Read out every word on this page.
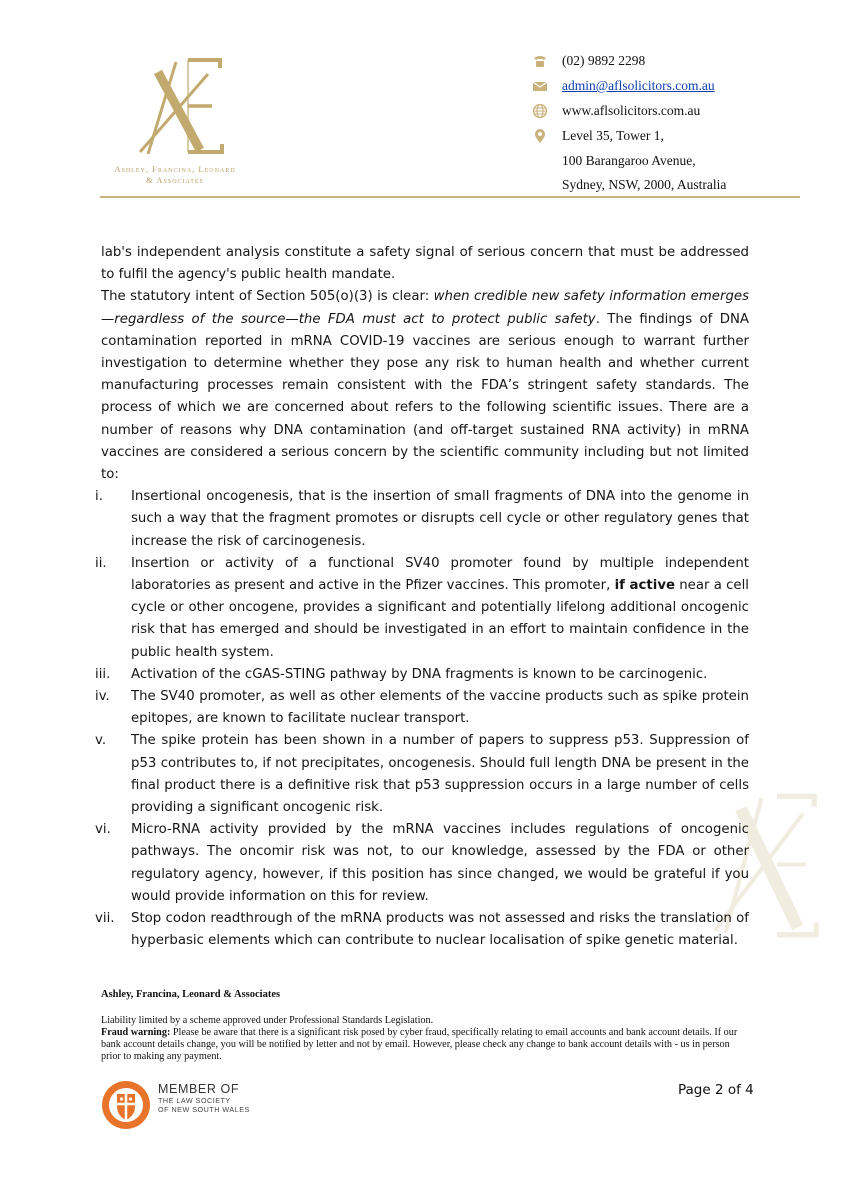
Ashley, Francina, Leonard
& Associates
(02) 9892 2298
admin@aflsolicitors.com.au
www.aflsolicitors.com.au
Level 35, Tower 1,
100 Barangaroo Avenue,
Sydney, NSW, 2000, Australia

lab's independent analysis constitute a safety signal of serious concern that must be addressed to fulfil the agency's public health mandate.

The statutory intent of Section 505(o)(3) is clear: when credible new safety information emerges—regardless of the source—the FDA must act to protect public safety. The findings of DNA contamination reported in mRNA COVID-19 vaccines are serious enough to warrant further investigation to determine whether they pose any risk to human health and whether current manufacturing processes remain consistent with the FDA’s stringent safety standards. The process of which we are concerned about refers to the following scientific issues. There are a number of reasons why DNA contamination (and off-target sustained RNA activity) in mRNA vaccines are considered a serious concern by the scientific community including but not limited to:

i.	Insertional oncogenesis, that is the insertion of small fragments of DNA into the genome in such a way that the fragment promotes or disrupts cell cycle or other regulatory genes that increase the risk of carcinogenesis.
ii.	Insertion or activity of a functional SV40 promoter found by multiple independent laboratories as present and active in the Pfizer vaccines. This promoter, if active near a cell cycle or other oncogene, provides a significant and potentially lifelong additional oncogenic risk that has emerged and should be investigated in an effort to maintain confidence in the public health system.
iii.	Activation of the cGAS-STING pathway by DNA fragments is known to be carcinogenic.
iv.	The SV40 promoter, as well as other elements of the vaccine products such as spike protein epitopes, are known to facilitate nuclear transport.
v.	The spike protein has been shown in a number of papers to suppress p53. Suppression of p53 contributes to, if not precipitates, oncogenesis. Should full length DNA be present in the final product there is a definitive risk that p53 suppression occurs in a large number of cells providing a significant oncogenic risk.
vi.	Micro-RNA activity provided by the mRNA vaccines includes regulations of oncogenic pathways. The oncomir risk was not, to our knowledge, assessed by the FDA or other regulatory agency, however, if this position has since changed, we would be grateful if you would provide information on this for review.
vii.	Stop codon readthrough of the mRNA products was not assessed and risks the translation of hyperbasic elements which can contribute to nuclear localisation of spike genetic material.
Ashley, Francina, Leonard & Associates
Liability limited by a scheme approved under Professional Standards Legislation.
Fraud warning: Please be aware that there is a significant risk posed by cyber fraud, specifically relating to email accounts and bank account details. If our bank account details change, you will be notified by letter and not by email. However, please check any change to bank account details with - us in person prior to making any payment.
MEMBER OF
THE LAW SOCIETY
OF NEW SOUTH WALES
Page 2 of 4
